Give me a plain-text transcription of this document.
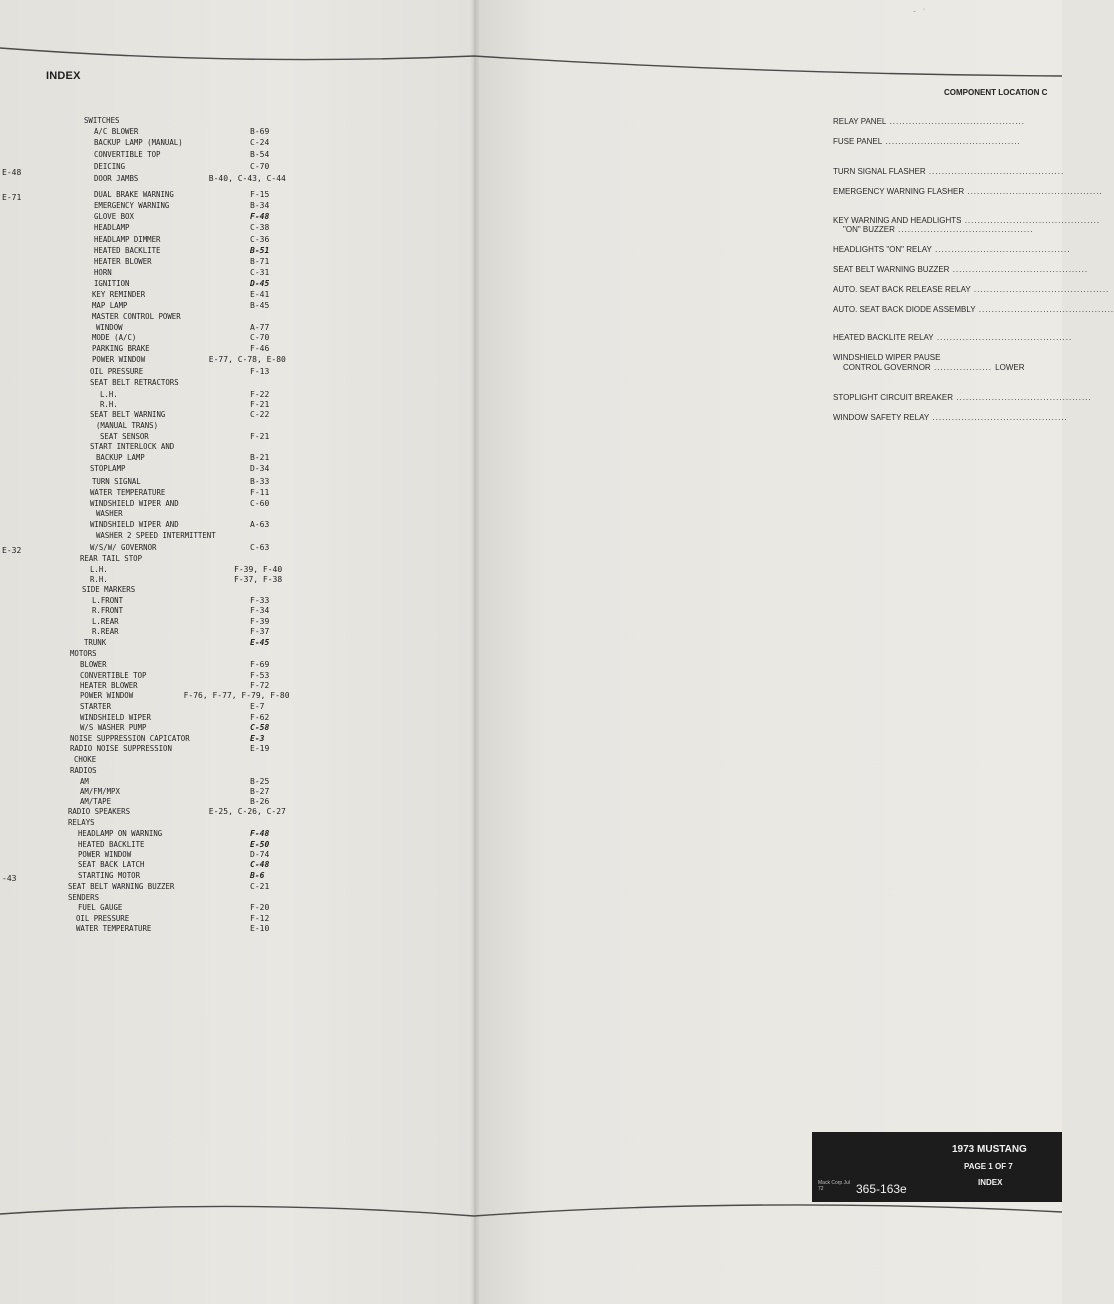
INDEX
E-48
E-71
E-32
-43
SWITCHES
A/C BLOWER	B-69
BACKUP LAMP (MANUAL)	C-24
CONVERTIBLE TOP	B-54
DEICING	C-70
DOOR JAMBS	B-40, C-43, C-44
DUAL BRAKE WARNING	F-15
EMERGENCY WARNING	B-34
GLOVE BOX	F-48
HEADLAMP	C-38
HEADLAMP DIMMER	C-36
HEATED BACKLITE	B-51
HEATER BLOWER	B-71
HORN	C-31
IGNITION	D-45
KEY REMINDER	E-41
MAP LAMP	B-45
MASTER CONTROL POWER
WINDOW	A-77
MODE (A/C)	C-70
PARKING BRAKE	F-46
POWER WINDOW	E-77, C-78, E-80
OIL PRESSURE	F-13
SEAT BELT RETRACTORS
L.H.	F-22
R.H.	F-21
SEAT BELT WARNING	C-22
(MANUAL TRANS)
SEAT SENSOR	F-21
START INTERLOCK AND
BACKUP LAMP	B-21
STOPLAMP	D-34
TURN SIGNAL	B-33
WATER TEMPERATURE	F-11
WINDSHIELD WIPER AND	C-60
WASHER
WINDSHIELD WIPER AND	A-63
WASHER 2 SPEED INTERMITTENT
W/S/W/ GOVERNOR	C-63
REAR TAIL STOP
L.H.	F-39, F-40
R.H.	F-37, F-38
SIDE MARKERS
L.FRONT	F-33
R.FRONT	F-34
L.REAR	F-39
R.REAR	F-37
TRUNK	E-45
MOTORS
BLOWER	F-69
CONVERTIBLE TOP	F-53
HEATER BLOWER	F-72
POWER WINDOW	F-76, F-77, F-79, F-80
STARTER	E-7
WINDSHIELD WIPER	F-62
W/S WASHER PUMP	C-58
NOISE SUPPRESSION CAPICATOR	E-3
RADIO NOISE SUPPRESSION	E-19
CHOKE
RADIOS
AM	B-25
AM/FM/MPX	B-27
AM/TAPE	B-26
RADIO SPEAKERS	E-25, C-26, C-27
RELAYS
HEADLAMP ON WARNING	F-48
HEATED BACKLITE	E-50
POWER WINDOW	D-74
SEAT BACK LATCH	C-48
STARTING MOTOR	B-6
SEAT BELT WARNING BUZZER	C-21
SENDERS
FUEL GAUGE	F-20
OIL PRESSURE	F-12
WATER TEMPERATURE	E-10
⁻ ˙
COMPONENT LOCATION C
RELAY PANEL ..........................................
FUSE PANEL ..........................................
TURN SIGNAL FLASHER ..........................................
EMERGENCY WARNING FLASHER ..........................................
KEY WARNING AND HEADLIGHTS ..........................................
"ON" BUZZER ..........................................
HEADLIGHTS "ON" RELAY ..........................................
SEAT BELT WARNING BUZZER ..........................................
AUTO. SEAT BACK RELEASE RELAY ..........................................
AUTO. SEAT BACK DIODE ASSEMBLY ..........................................
HEATED BACKLITE RELAY ..........................................
WINDSHIELD WIPER PAUSE
CONTROL GOVERNOR .................. LOWER
STOPLIGHT CIRCUIT BREAKER ..........................................
WINDOW SAFETY RELAY ..........................................
Mack Corp Jul 72	365-163e
1973 MUSTANG
PAGE 1 OF 7
INDEX
